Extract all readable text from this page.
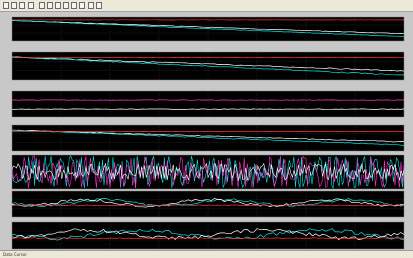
Data Cursor
